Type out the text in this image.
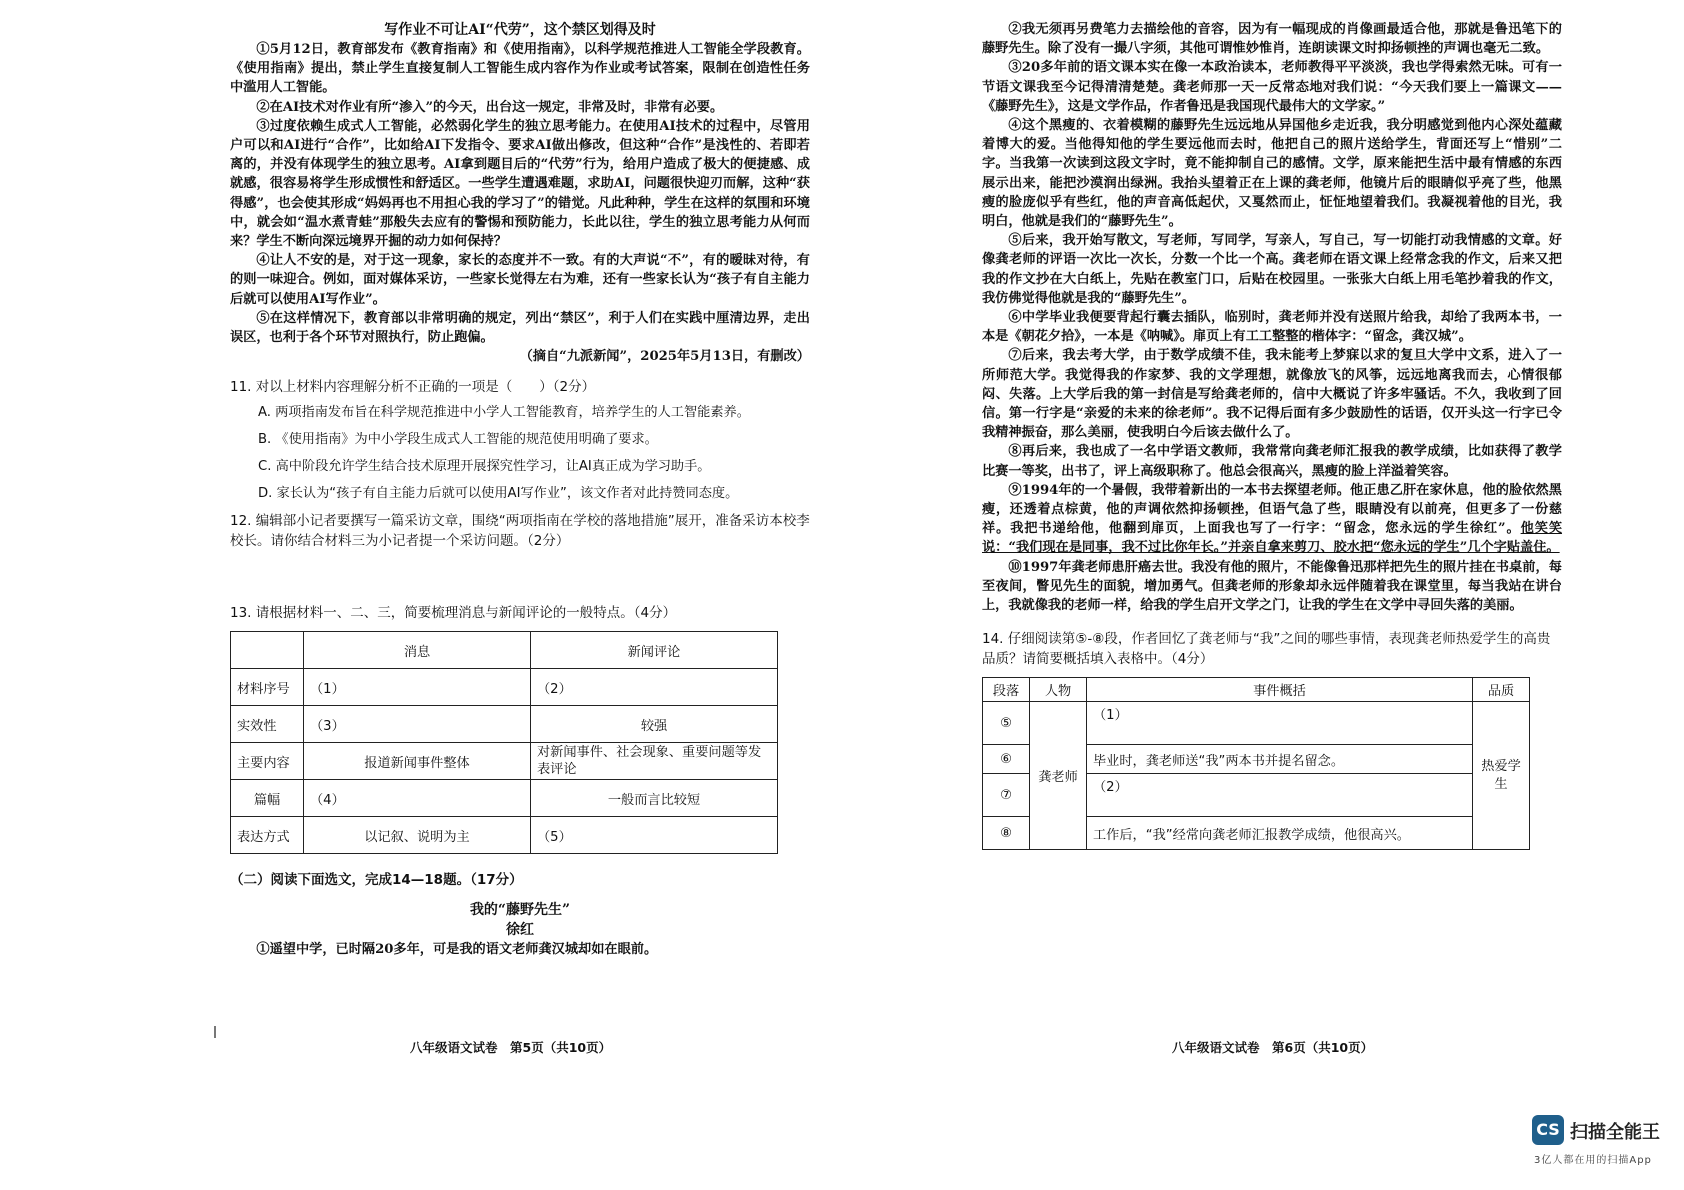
写作业不可让AI“代劳”，这个禁区划得及时

①5月12日，教育部发布《教育指南》和《使用指南》，以科学规范推进人工智能全学段教育。《使用指南》提出，禁止学生直接复制人工智能生成内容作为作业或考试答案，限制在创造性任务中滥用人工智能。

②在AI技术对作业有所“渗入”的今天，出台这一规定，非常及时，非常有必要。

③过度依赖生成式人工智能，必然弱化学生的独立思考能力。在使用AI技术的过程中，尽管用户可以和AI进行“合作”，比如给AI下发指令、要求AI做出修改，但这种“合作”是浅性的、若即若离的，并没有体现学生的独立思考。AI拿到题目后的“代劳”行为，给用户造成了极大的便捷感、成就感，很容易将学生形成惯性和舒适区。一些学生遭遇难题，求助AI，问题很快迎刃而解，这种“获得感”，也会使其形成“妈妈再也不用担心我的学习了”的错觉。凡此种种，学生在这样的氛围和环境中，就会如“温水煮青蛙”那般失去应有的警惕和预防能力，长此以往，学生的独立思考能力从何而来？学生不断向深远境界开掘的动力如何保持？

④让人不安的是，对于这一现象，家长的态度并不一致。有的大声说“不”，有的暧昧对待，有的则一味迎合。例如，面对媒体采访，一些家长觉得左右为难，还有一些家长认为“孩子有自主能力后就可以使用AI写作业”。

⑤在这样情况下，教育部以非常明确的规定，列出“禁区”，利于人们在实践中厘清边界，走出误区，也利于各个环节对照执行，防止跑偏。

（摘自“九派新闻”，2025年5月13日，有删改）

11. 对以上材料内容理解分析不正确的一项是（　　）（2分）

A. 两项指南发布旨在科学规范推进中小学人工智能教育，培养学生的人工智能素养。

B. 《使用指南》为中小学段生成式人工智能的规范使用明确了要求。

C. 高中阶段允许学生结合技术原理开展探究性学习，让AI真正成为学习助手。

D. 家长认为“孩子有自主能力后就可以使用AI写作业”，该文作者对此持赞同态度。

12. 编辑部小记者要撰写一篇采访文章，围绕“两项指南在学校的落地措施”展开，准备采访本校李校长。请你结合材料三为小记者提一个采访问题。（2分）

13. 请根据材料一、二、三，简要梳理消息与新闻评论的一般特点。（4分）

	消息	新闻评论
材料序号	（1）	（2）
实效性	（3）	较强
主要内容	报道新闻事件整体	对新闻事件、社会现象、重要问题等发表评论
篇幅	（4）	一般而言比较短
表达方式	以记叙、说明为主	（5）

（二）阅读下面选文，完成14—18题。（17分）

我的“藤野先生”

徐红

①遥望中学，已时隔20多年，可是我的语文老师龚汉城却如在眼前。

八年级语文试卷　第5页（共10页）

②我无须再另费笔力去描绘他的音容，因为有一幅现成的肖像画最适合他，那就是鲁迅笔下的藤野先生。除了没有一撮八字须，其他可谓惟妙惟肖，连朗读课文时抑扬顿挫的声调也毫无二致。

③20多年前的语文课本实在像一本政治读本，老师教得平平淡淡，我也学得索然无味。可有一节语文课我至今记得清清楚楚。龚老师那一天一反常态地对我们说：“今天我们要上一篇课文——《藤野先生》，这是文学作品，作者鲁迅是我国现代最伟大的文学家。”

④这个黑瘦的、衣着模糊的藤野先生远远地从异国他乡走近我，我分明感觉到他内心深处蕴藏着博大的爱。当他得知他的学生要远他而去时，他把自己的照片送给学生，背面还写上“惜别”二字。当我第一次读到这段文字时，竟不能抑制自己的感情。文学，原来能把生活中最有情感的东西展示出来，能把沙漠润出绿洲。我抬头望着正在上课的龚老师，他镜片后的眼睛似乎亮了些，他黑瘦的脸庞似乎有些红，他的声音高低起伏，又戛然而止，怔怔地望着我们。我凝视着他的目光，我明白，他就是我们的“藤野先生”。

⑤后来，我开始写散文，写老师，写同学，写亲人，写自己，写一切能打动我情感的文章。好像龚老师的评语一次比一次长，分数一个比一个高。龚老师在语文课上经常念我的作文，后来又把我的作文抄在大白纸上，先贴在教室门口，后贴在校园里。一张张大白纸上用毛笔抄着我的作文，我仿佛觉得他就是我的“藤野先生”。

⑥中学毕业我便要背起行囊去插队，临别时，龚老师并没有送照片给我，却给了我两本书，一本是《朝花夕拾》，一本是《呐喊》。扉页上有工工整整的楷体字：“留念，龚汉城”。

⑦后来，我去考大学，由于数学成绩不佳，我未能考上梦寐以求的复旦大学中文系，进入了一所师范大学。我觉得我的作家梦、我的文学理想，就像放飞的风筝，远远地离我而去，心情很郁闷、失落。上大学后我的第一封信是写给龚老师的，信中大概说了许多牢骚话。不久，我收到了回信。第一行字是“亲爱的未来的徐老师”。我不记得后面有多少鼓励性的话语，仅开头这一行字已令我精神振奋，那么美丽，使我明白今后该去做什么了。

⑧再后来，我也成了一名中学语文教师，我常常向龚老师汇报我的教学成绩，比如获得了教学比赛一等奖，出书了，评上高级职称了。他总会很高兴，黑瘦的脸上洋溢着笑容。

⑨1994年的一个暑假，我带着新出的一本书去探望老师。他正患乙肝在家休息，他的脸依然黑瘦，还透着点棕黄，他的声调依然抑扬顿挫，但语气急了些，眼睛没有以前亮，但更多了一份慈祥。我把书递给他，他翻到扉页，上面我也写了一行字：“留念，您永远的学生徐红”。他笑笑说：“我们现在是同事，我不过比你年长。”并亲自拿来剪刀、胶水把“您永远的学生”几个字贴盖住。

⑩1997年龚老师患肝癌去世。我没有他的照片，不能像鲁迅那样把先生的照片挂在书桌前，每至夜间，瞥见先生的面貌，增加勇气。但龚老师的形象却永远伴随着我在课堂里，每当我站在讲台上，我就像我的老师一样，给我的学生启开文学之门，让我的学生在文学中寻回失落的美丽。

14. 仔细阅读第⑤-⑧段，作者回忆了龚老师与“我”之间的哪些事情，表现龚老师热爱学生的高贵品质？请简要概括填入表格中。（4分）

段落	人物	事件概括	品质
⑤	龚老师	（1）	热爱学生
⑥		毕业时，龚老师送“我”两本书并提名留念。	
⑦		（2）	
⑧		工作后，“我”经常向龚老师汇报教学成绩，他很高兴。	
八年级语文试卷　第6页（共10页）
CS 扫描全能王
3亿人都在用的扫描App
